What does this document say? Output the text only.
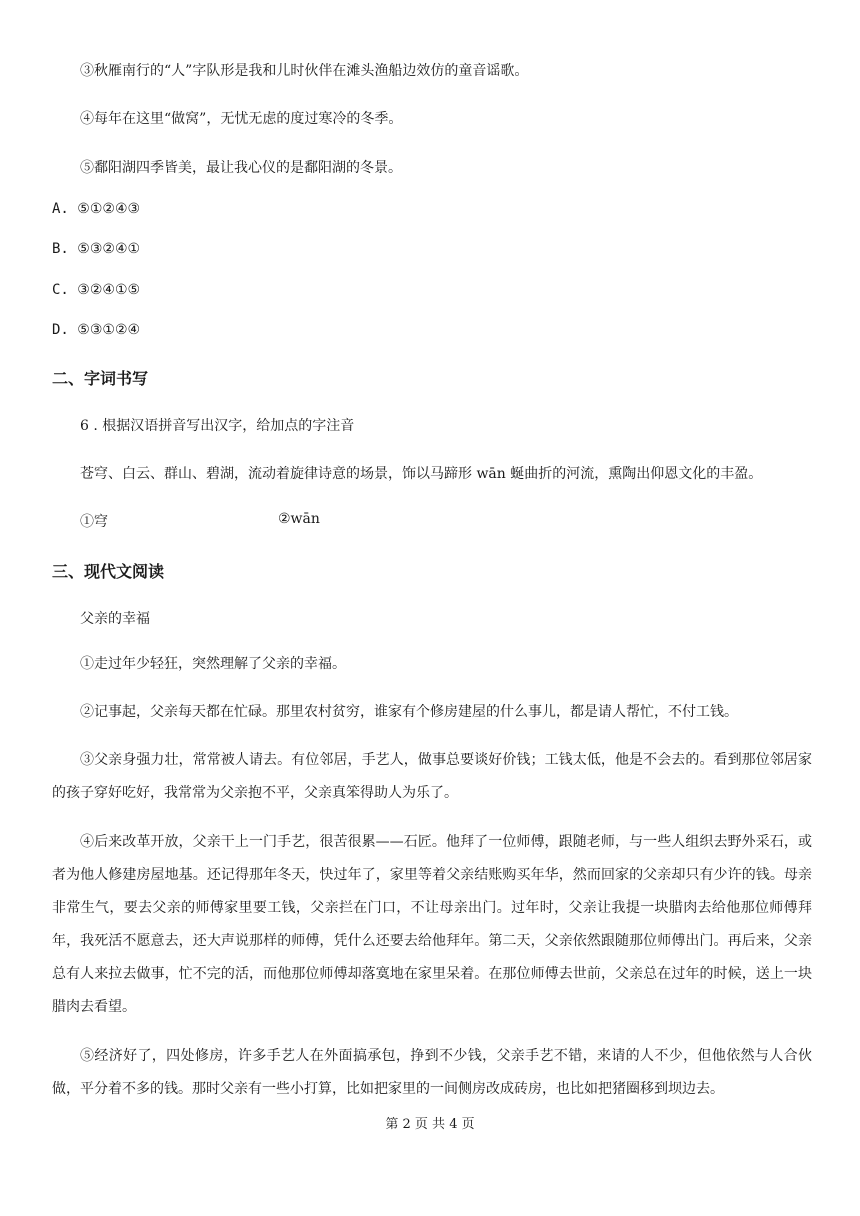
③秋雁南行的“人”字队形是我和儿时伙伴在滩头渔船边效仿的童音谣歌。
④每年在这里“做窝”，无忧无虑的度过寒冷的冬季。
⑤鄱阳湖四季皆美，最让我心仪的是鄱阳湖的冬景。
A. ⑤①②④③
B. ⑤③②④①
C. ③②④①⑤
D. ⑤③①②④
二、字词书写
6 . 根据汉语拼音写出汉字，给加点的字注音
苍穹、白云、群山、碧湖，流动着旋律诗意的场景，饰以马蹄形 wān 蜒曲折的河流，熏陶出仰恩文化的丰盈。
①穹	②wān
三、现代文阅读
父亲的幸福
①走过年少轻狂，突然理解了父亲的幸福。
②记事起，父亲每天都在忙碌。那里农村贫穷，谁家有个修房建屋的什么事儿，都是请人帮忙，不付工钱。
③父亲身强力壮，常常被人请去。有位邻居，手艺人，做事总要谈好价钱；工钱太低，他是不会去的。看到那位邻居家的孩子穿好吃好，我常常为父亲抱不平，父亲真笨得助人为乐了。
④后来改革开放，父亲干上一门手艺，很苦很累——石匠。他拜了一位师傅，跟随老师，与一些人组织去野外采石，或者为他人修建房屋地基。还记得那年冬天，快过年了，家里等着父亲结账购买年华，然而回家的父亲却只有少许的钱。母亲非常生气，要去父亲的师傅家里要工钱，父亲拦在门口，不让母亲出门。过年时，父亲让我提一块腊肉去给他那位师傅拜年，我死活不愿意去，还大声说那样的师傅，凭什么还要去给他拜年。第二天，父亲依然跟随那位师傅出门。再后来，父亲总有人来拉去做事，忙不完的活，而他那位师傅却落寞地在家里呆着。在那位师傅去世前，父亲总在过年的时候，送上一块腊肉去看望。
⑤经济好了，四处修房，许多手艺人在外面搞承包，挣到不少钱，父亲手艺不错，来请的人不少，但他依然与人合伙做，平分着不多的钱。那时父亲有一些小打算，比如把家里的一间侧房改成砖房，也比如把猪圈移到坝边去。
第 2 页 共 4 页
